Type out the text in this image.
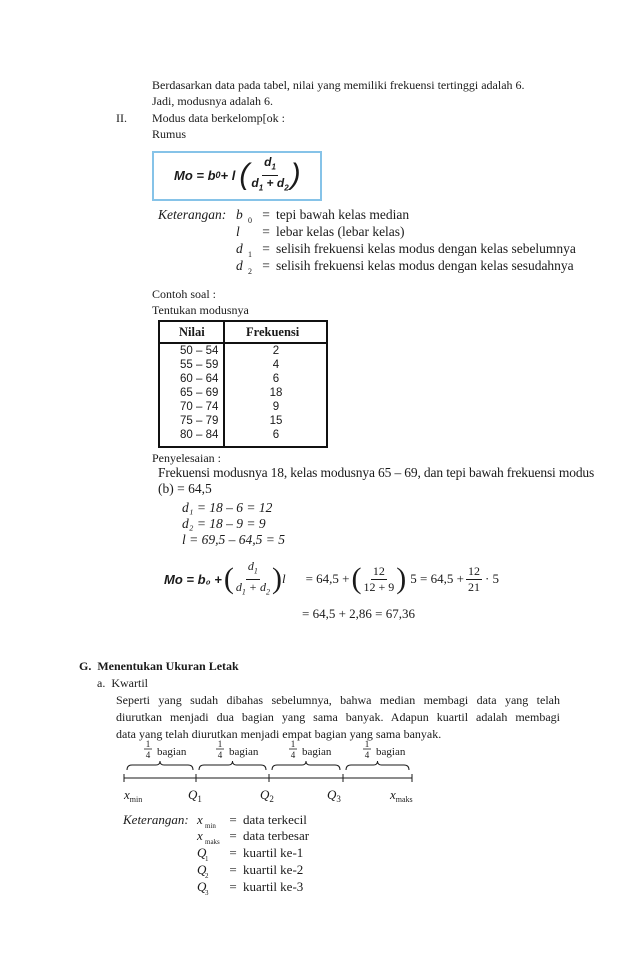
Berdasarkan data pada tabel, nilai yang memiliki frekuensi tertinggi adalah 6.
Jadi, modusnya adalah 6.
II. Modus data berkelomp[ok :
Rumus
Mo = b 0 + l ( $\frac{d_1}{d_1 + d_2}$ )
Keterangan: b $_0$ = tepi bawah kelas median
l = lebar kelas (lebar kelas)
d $_1$ = selisih frekuensi kelas modus dengan kelas sebelumnya
d $_2$ = selisih frekuensi kelas modus dengan kelas sesudahnya
Contoh soal :
Tentukan modusnya
Nilai	Frekuensi
50 – 54	2
55 – 59	4
60 – 64	6
65 – 69	18
70 – 74	9
75 – 79	15
80 – 84	6
Penyelesaian :
Frekuensi modusnya 18, kelas modusnya 65 – 69, dan tepi bawah frekuensi modus
(b) = 64,5
d₁ = 18 – 6 = 12
d₂ = 18 – 9 = 9
l = 69,5 – 64,5 = 5
Mo = b₀ + ( $\frac{d_1}{d_1 + d_2}$ ) l = 64,5 + ( $\frac{12}{12 + 9}$ ) $5 = 64,5 + \frac{12}{21} \cdot 5$
= 64,5 + 2,86 = 67,36
G.  Menentukan Ukuran Letak
a.  Kwartil
Seperti yang sudah dibahas sebelumnya, bahwa median membagi data yang telah
diurutkan menjadi dua bagian yang sama banyak. Adapun kuartil adalah membagi
data yang telah diurutkan menjadi empat bagian yang sama banyak.
1
4 bagian
1
4 bagian
1
4 bagian
1
4 bagian
$x_{min}$	$Q_1$	$Q_2$	$Q_3$	$x_{maks}$
Keterangan: x $_{min}$ = data terkecil
x $_{maks}$ = data terbesar
$Q_1$ = kuartil ke-1
$Q_2$ = kuartil ke-2
$Q_3$ = kuartil ke-3
